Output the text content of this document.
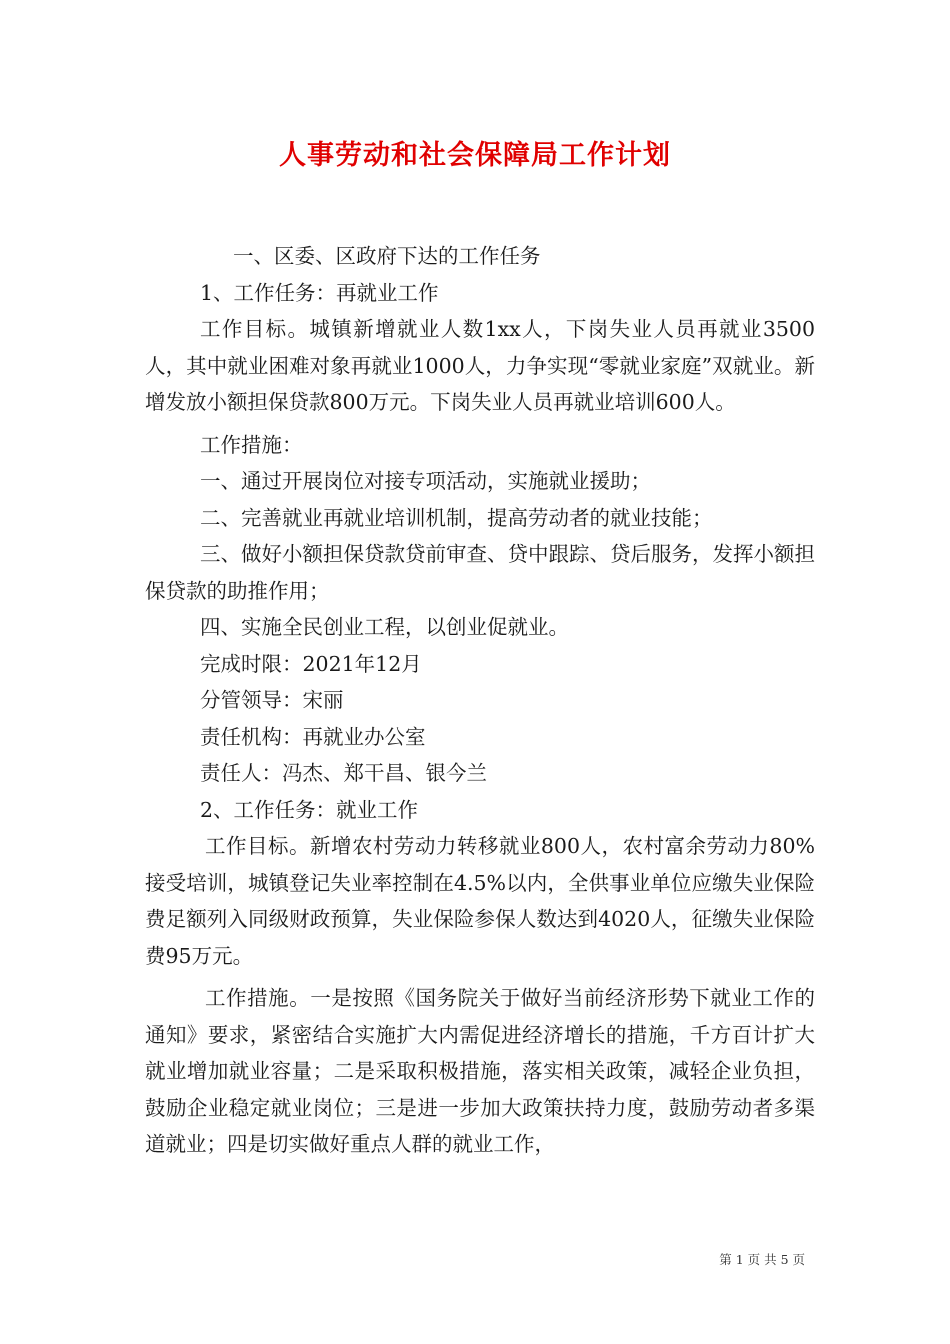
人事劳动和社会保障局工作计划

一、区委、区政府下达的工作任务

1、工作任务：再就业工作

工作目标。城镇新增就业人数1xx人，下岗失业人员再就业3500人，其中就业困难对象再就业1000人，力争实现“零就业家庭”双就业。新增发放小额担保贷款800万元。下岗失业人员再就业培训600人。

工作措施：

一、通过开展岗位对接专项活动，实施就业援助；

二、完善就业再就业培训机制，提高劳动者的就业技能；

三、做好小额担保贷款贷前审查、贷中跟踪、贷后服务，发挥小额担保贷款的助推作用；

四、实施全民创业工程，以创业促就业。

完成时限：2021年12月

分管领导：宋丽

责任机构：再就业办公室

责任人：冯杰、郑干昌、银今兰

2、工作任务：就业工作

工作目标。新增农村劳动力转移就业800人，农村富余劳动力80%接受培训，城镇登记失业率控制在4.5%以内，全供事业单位应缴失业保险费足额列入同级财政预算，失业保险参保人数达到4020人，征缴失业保险费95万元。

工作措施。一是按照《国务院关于做好当前经济形势下就业工作的通知》要求，紧密结合实施扩大内需促进经济增长的措施，千方百计扩大就业增加就业容量；二是采取积极措施，落实相关政策，减轻企业负担，鼓励企业稳定就业岗位；三是进一步加大政策扶持力度，鼓励劳动者多渠道就业；四是切实做好重点人群的就业工作，

第 1 页 共 5 页
